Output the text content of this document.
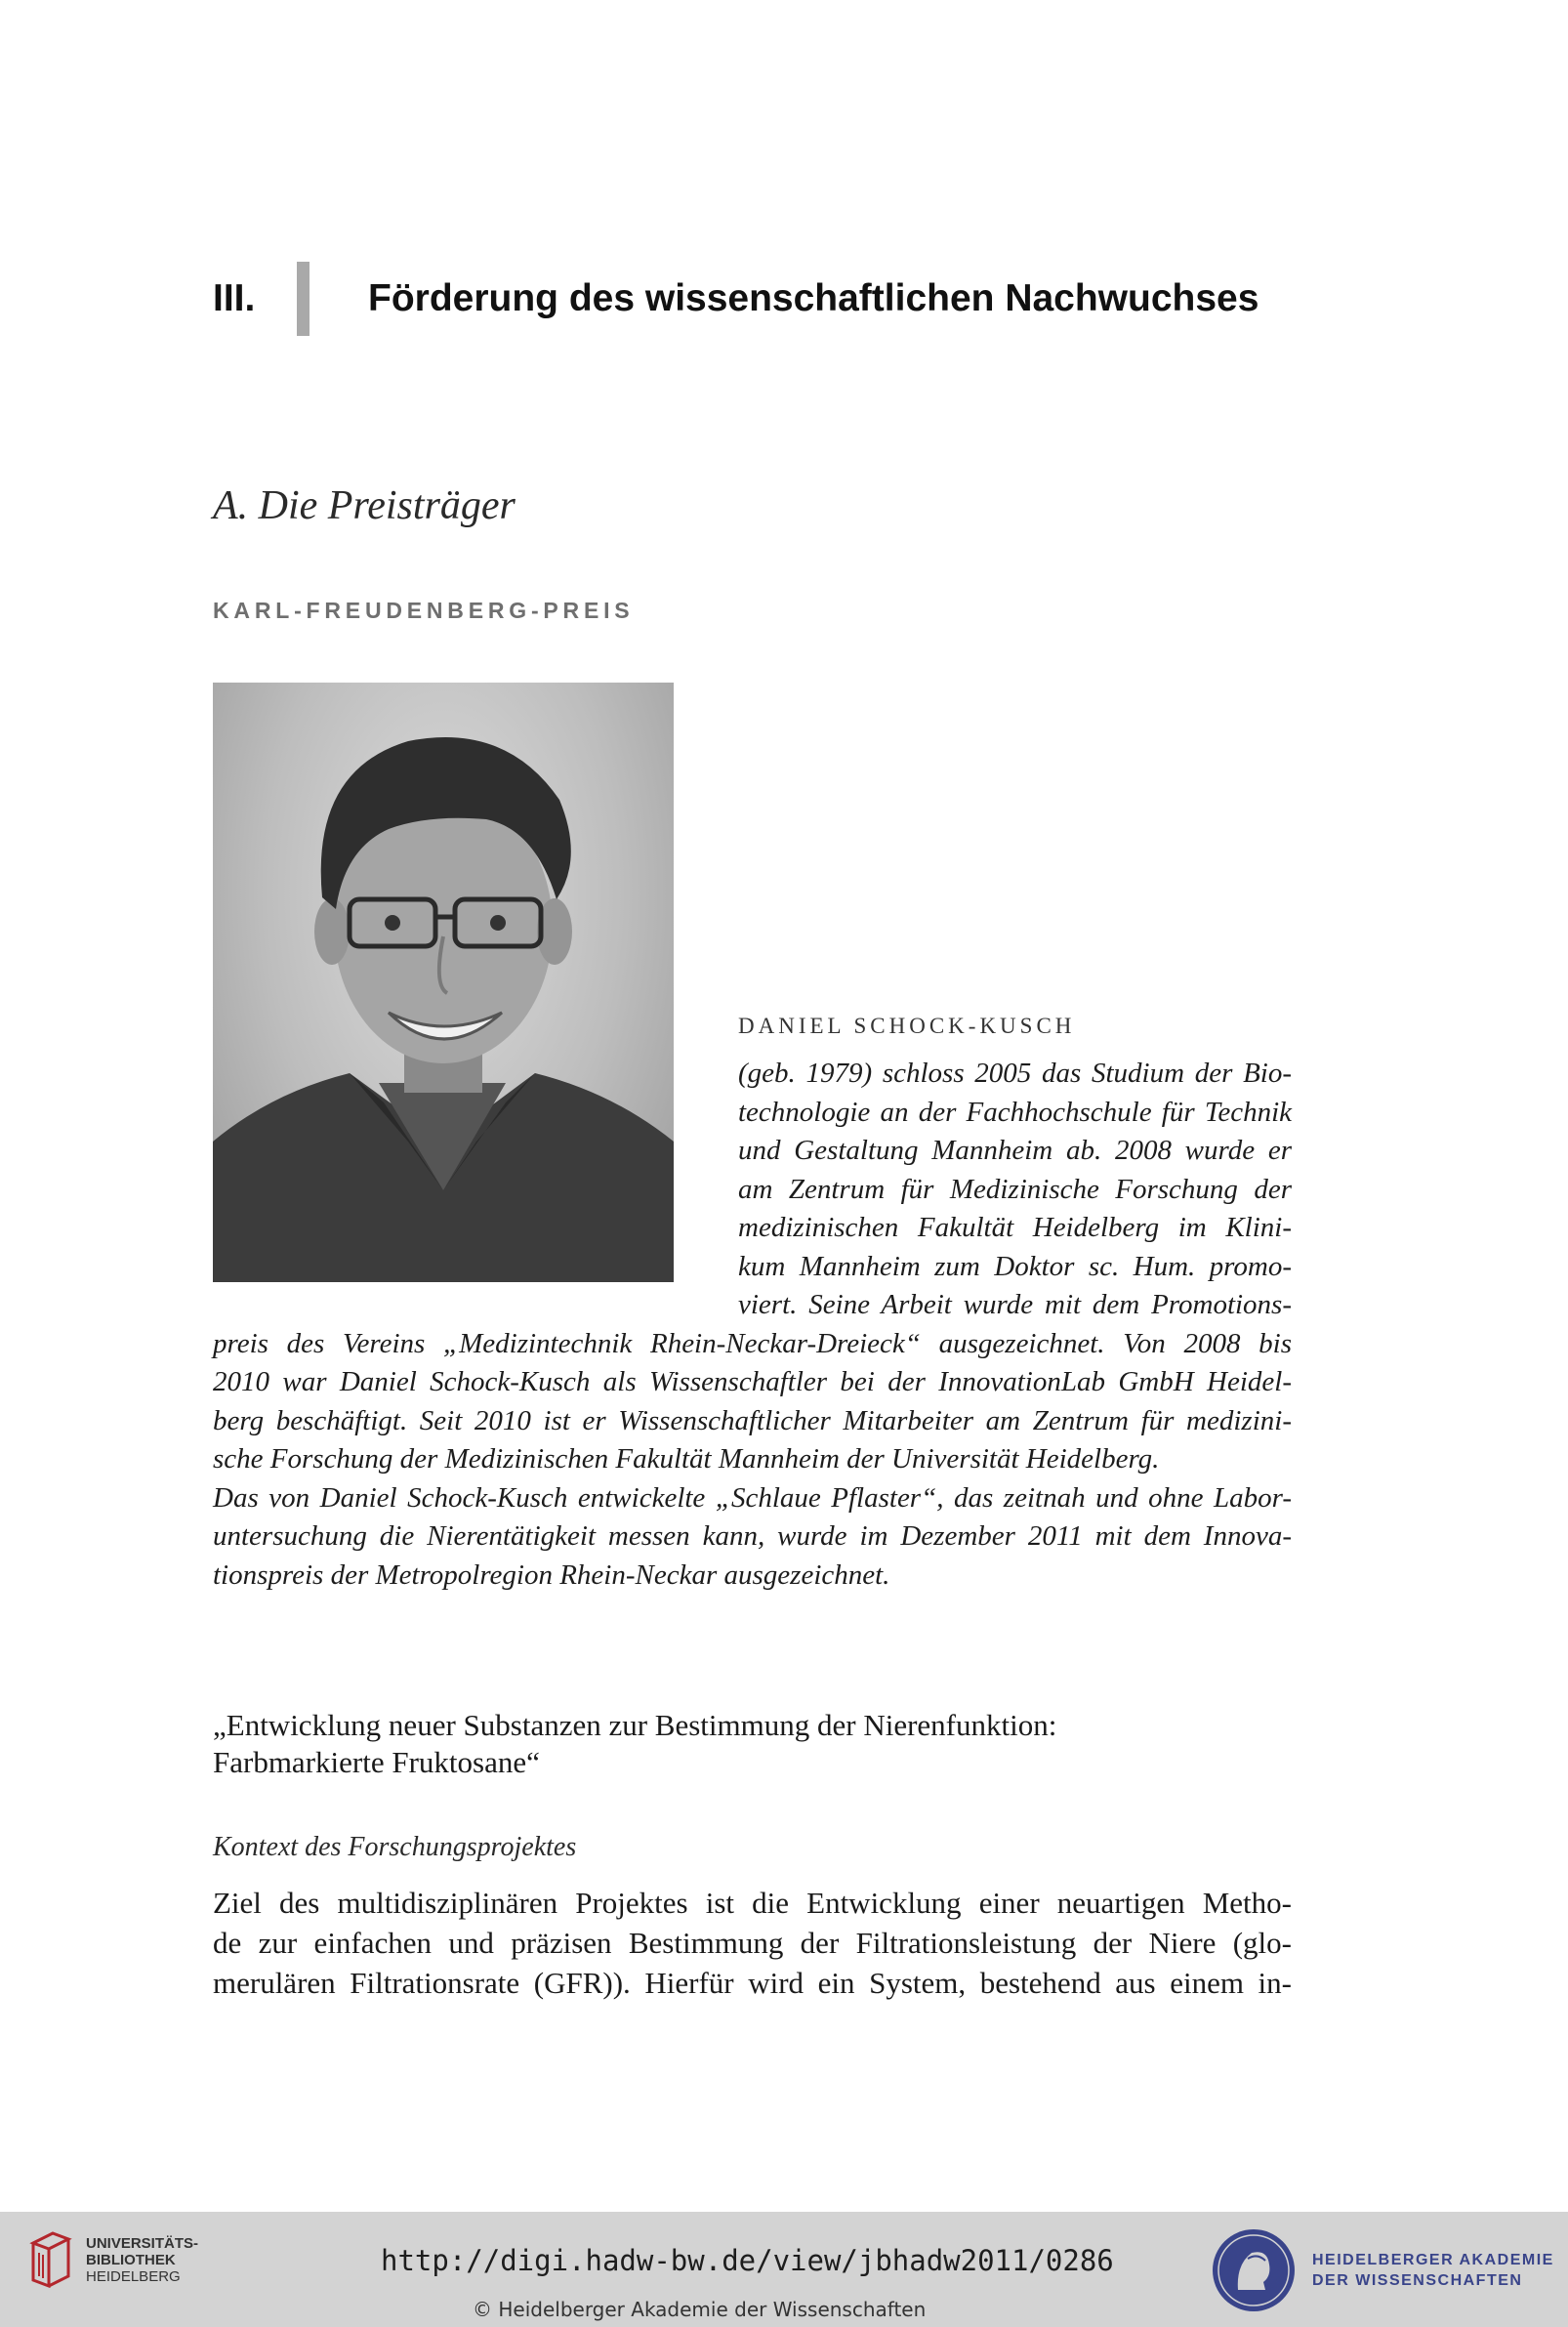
III.	Förderung des wissenschaftlichen Nachwuchses
A. Die Preisträger
KARL-FREUDENBERG-PREIS
DANIEL SCHOCK-KUSCH
(geb. 1979) schloss 2005 das Studium der Bio-
technologie an der Fachhochschule für Technik
und Gestaltung Mannheim ab. 2008 wurde er
am Zentrum für Medizinische Forschung der
medizinischen Fakultät Heidelberg im Klini-
kum Mannheim zum Doktor sc. Hum. promo-
viert. Seine Arbeit wurde mit dem Promotions-
preis des Vereins „Medizintechnik Rhein-Neckar-Dreieck“ ausgezeichnet. Von 2008 bis
2010 war Daniel Schock-Kusch als Wissenschaftler bei der InnovationLab GmbH Heidel-
berg beschäftigt. Seit 2010 ist er Wissenschaftlicher Mitarbeiter am Zentrum für medizini-
sche Forschung der Medizinischen Fakultät Mannheim der Universität Heidelberg.
Das von Daniel Schock-Kusch entwickelte „Schlaue Pflaster“, das zeitnah und ohne Labor-
untersuchung die Nierentätigkeit messen kann, wurde im Dezember 2011 mit dem Innova-
tionspreis der Metropolregion Rhein-Neckar ausgezeichnet.
„Entwicklung neuer Substanzen zur Bestimmung der Nierenfunktion:
Farbmarkierte Fruktosane“
Kontext des Forschungsprojektes
Ziel des multidisziplinären Projektes ist die Entwicklung einer neuartigen Metho-
de zur einfachen und präzisen Bestimmung der Filtrationsleistung der Niere (glo-
merulären Filtrationsrate (GFR)). Hierfür wird ein System, bestehend aus einem in-
UNIVERSITÄTS-
BIBLIOTHEK
HEIDELBERG	http://digi.hadw-bw.de/view/jbhadw2011/0286
© Heidelberger Akademie der Wissenschaften
HEIDELBERGER AKADEMIE
DER WISSENSCHAFTEN
